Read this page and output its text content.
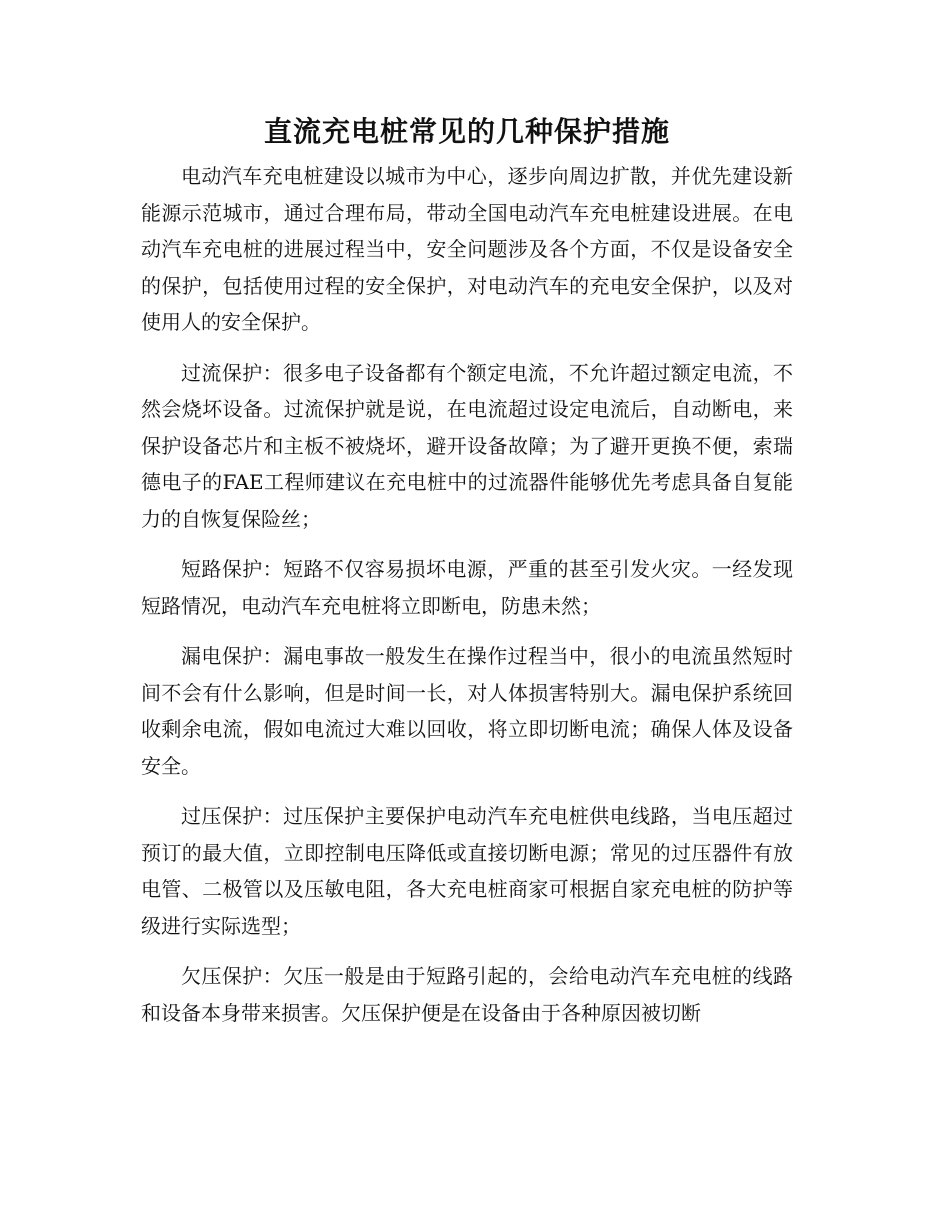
直流充电桩常见的几种保护措施

电动汽车充电桩建设以城市为中心，逐步向周边扩散，并优先建设新能源示范城市，通过合理布局，带动全国电动汽车充电桩建设进展。在电动汽车充电桩的进展过程当中，安全问题涉及各个方面，不仅是设备安全的保护，包括使用过程的安全保护，对电动汽车的充电安全保护，以及对使用人的安全保护。

过流保护：很多电子设备都有个额定电流，不允许超过额定电流，不然会烧坏设备。过流保护就是说，在电流超过设定电流后，自动断电，来保护设备芯片和主板不被烧坏，避开设备故障；为了避开更换不便，索瑞德电子的FAE工程师建议在充电桩中的过流器件能够优先考虑具备自复能力的自恢复保险丝；

短路保护：短路不仅容易损坏电源，严重的甚至引发火灾。一经发现短路情况，电动汽车充电桩将立即断电，防患未然；

漏电保护：漏电事故一般发生在操作过程当中，很小的电流虽然短时间不会有什么影响，但是时间一长，对人体损害特别大。漏电保护系统回收剩余电流，假如电流过大难以回收，将立即切断电流；确保人体及设备安全。

过压保护：过压保护主要保护电动汽车充电桩供电线路，当电压超过预订的最大值，立即控制电压降低或直接切断电源；常见的过压器件有放电管、二极管以及压敏电阻，各大充电桩商家可根据自家充电桩的防护等级进行实际选型；

欠压保护：欠压一般是由于短路引起的，会给电动汽车充电桩的线路和设备本身带来损害。欠压保护便是在设备由于各种原因被切断
